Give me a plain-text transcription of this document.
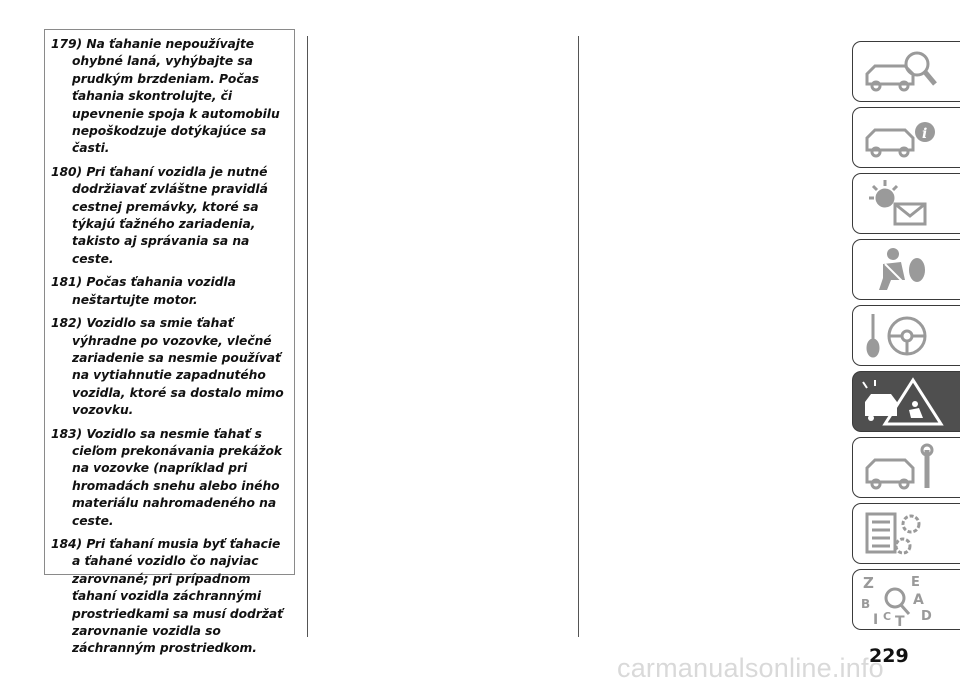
179) Na ťahanie nepoužívajte ohybné laná, vyhýbajte sa prudkým brzdeniam. Počas ťahania skontrolujte, či upevnenie spoja k automobilu nepoškodzuje dotýkajúce sa časti.

180) Pri ťahaní vozidla je nutné dodržiavať zvláštne pravidlá cestnej premávky, ktoré sa týkajú ťažného zariadenia, takisto aj správania sa na ceste.

181) Počas ťahania vozidla neštartujte motor.

182) Vozidlo sa smie ťahať výhradne po vozovke, vlečné zariadenie sa nesmie používať na vytiahnutie zapadnutého vozidla, ktoré sa dostalo mimo vozovku.

183) Vozidlo sa nesmie ťahať s cieľom prekonávania prekážok na vozovke (napríklad pri hromadách snehu alebo iného materiálu nahromadeného na ceste.

184) Pri ťahaní musia byť ťahacie a ťahané vozidlo čo najviac zarovnané; pri prípadnom ťahaní vozidla záchrannými prostriedkami sa musí dodržať zarovnanie vozidla so záchranným prostriedkom.

i
Z	E
B	A
I C T D
229
carmanualsonline.info
